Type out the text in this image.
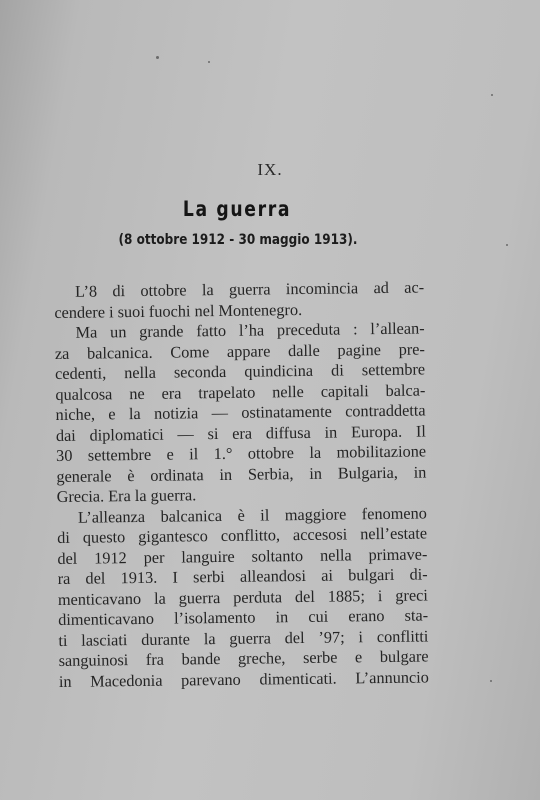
IX.
La guerra
(8 ottobre 1912 - 30 maggio 1913).
L’8 di ottobre la guerra incomincia ad ac-
cendere i suoi fuochi nel Montenegro.
Ma un grande fatto l’ha preceduta : l’allean-
za balcanica. Come appare dalle pagine pre-
cedenti, nella seconda quindicina di settembre
qualcosa ne era trapelato nelle capitali balca-
niche, e la notizia — ostinatamente contraddetta
dai diplomatici — si era diffusa in Europa. Il
30 settembre e il 1.° ottobre la mobilitazione
generale è ordinata in Serbia, in Bulgaria, in
Grecia. Era la guerra.
L’alleanza balcanica è il maggiore fenomeno
di questo gigantesco conflitto, accesosi nell’estate
del 1912 per languire soltanto nella primave-
ra del 1913. I serbi alleandosi ai bulgari di-
menticavano la guerra perduta del 1885; i greci
dimenticavano l’isolamento in cui erano sta-
ti lasciati durante la guerra del ’97; i conflitti
sanguinosi fra bande greche, serbe e bulgare
in Macedonia parevano dimenticati. L’annuncio
